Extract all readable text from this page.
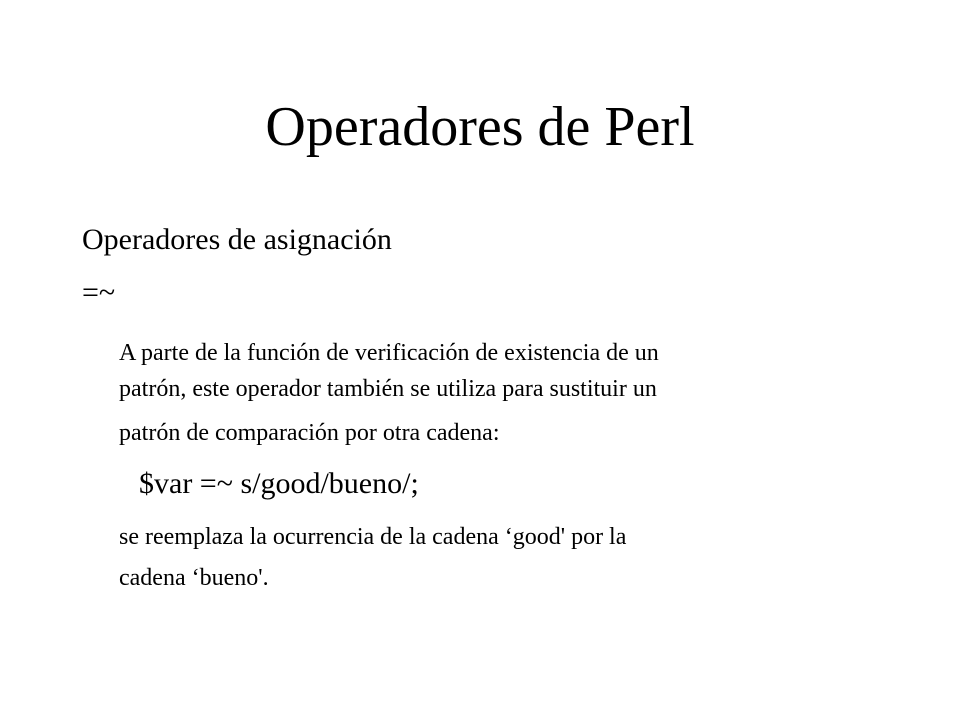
Operadores de Perl
Operadores de asignación
=~
A parte de la función de verificación de existencia de un
patrón, este operador también se utiliza para sustituir un
patrón de comparación por otra cadena:
$var =~ s/good/bueno/;
se reemplaza la ocurrencia de la cadena ‘good' por la
cadena ‘bueno'.
